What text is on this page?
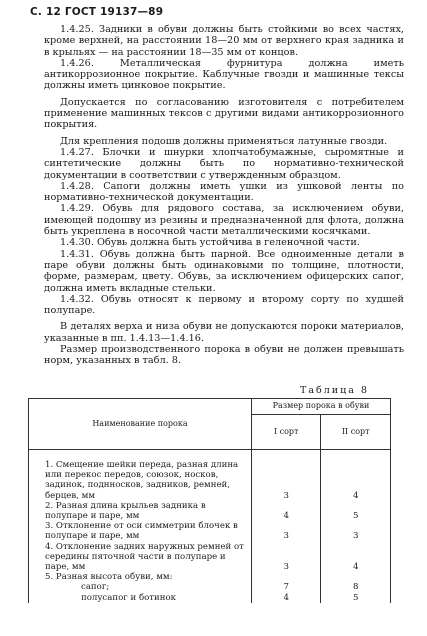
С. 12 ГОСТ 19137—89

1.4.25. Задники в обуви должны быть стойкими во всех частях, кроме верхней, на расстоянии 18—20 мм от верхнего края задника и в крыльях — на расстоянии 18—35 мм от концов.

1.4.26. Металлическая фурнитура должна иметь антикоррозионное покрытие. Каблучные гвозди и машинные тексы должны иметь цинковое покрытие.

Допускается по согласованию изготовителя с потребителем применение машинных тексов с другими видами антикоррозионного покрытия.

Для крепления подошв должны применяться латунные гвозди.

1.4.27. Блочки и шнурки хлопчатобумажные, сыромятные и синтетические должны быть по нормативно-технической документации в соответствии с утвержденным образцом.

1.4.28. Сапоги должны иметь ушки из ушковой ленты по нормативно-технической документации.

1.4.29. Обувь для рядового состава, за исключением обуви, имеющей подошву из резины и предназначенной для флота, должна быть укреплена в носочной части металлическими косячками.

1.4.30. Обувь должна быть устойчива в геленочной части.

1.4.31. Обувь должна быть парной. Все одноименные детали в паре обуви должны быть одинаковыми по толщине, плотности, форме, размерам, цвету. Обувь, за исключением офицерских сапог, должна иметь вкладные стельки.

1.4.32. Обувь относят к первому и второму сорту по худшей полупаре.

В деталях верха и низа обуви не допускаются пороки материалов, указанные в пп. 1.4.13—1.4.16.

Размер производственного порока в обуви не должен превышать норм, указанных в табл. 8.

Таблица 8
Наименование порока	Размер порока в обуви	
	I сорт	II сорт

1. Смещение шейки переда, разная длина или перекос передов, союзок, носков, задинок, поднносков, задников, ремней, берцев, мм	3	4

2. Разная длина крыльев задника в полупаре и паре, мм	4	5

3. Отклонение от оси симметрии блочек в полупаре и паре, мм	3	3

4. Отклонение задних наружных ремней от середины пяточной части в полупаре и паре, мм	3	4

5. Разная высота обуви, мм:		

сапог;	7	8

полусапог и ботинок	4	5
